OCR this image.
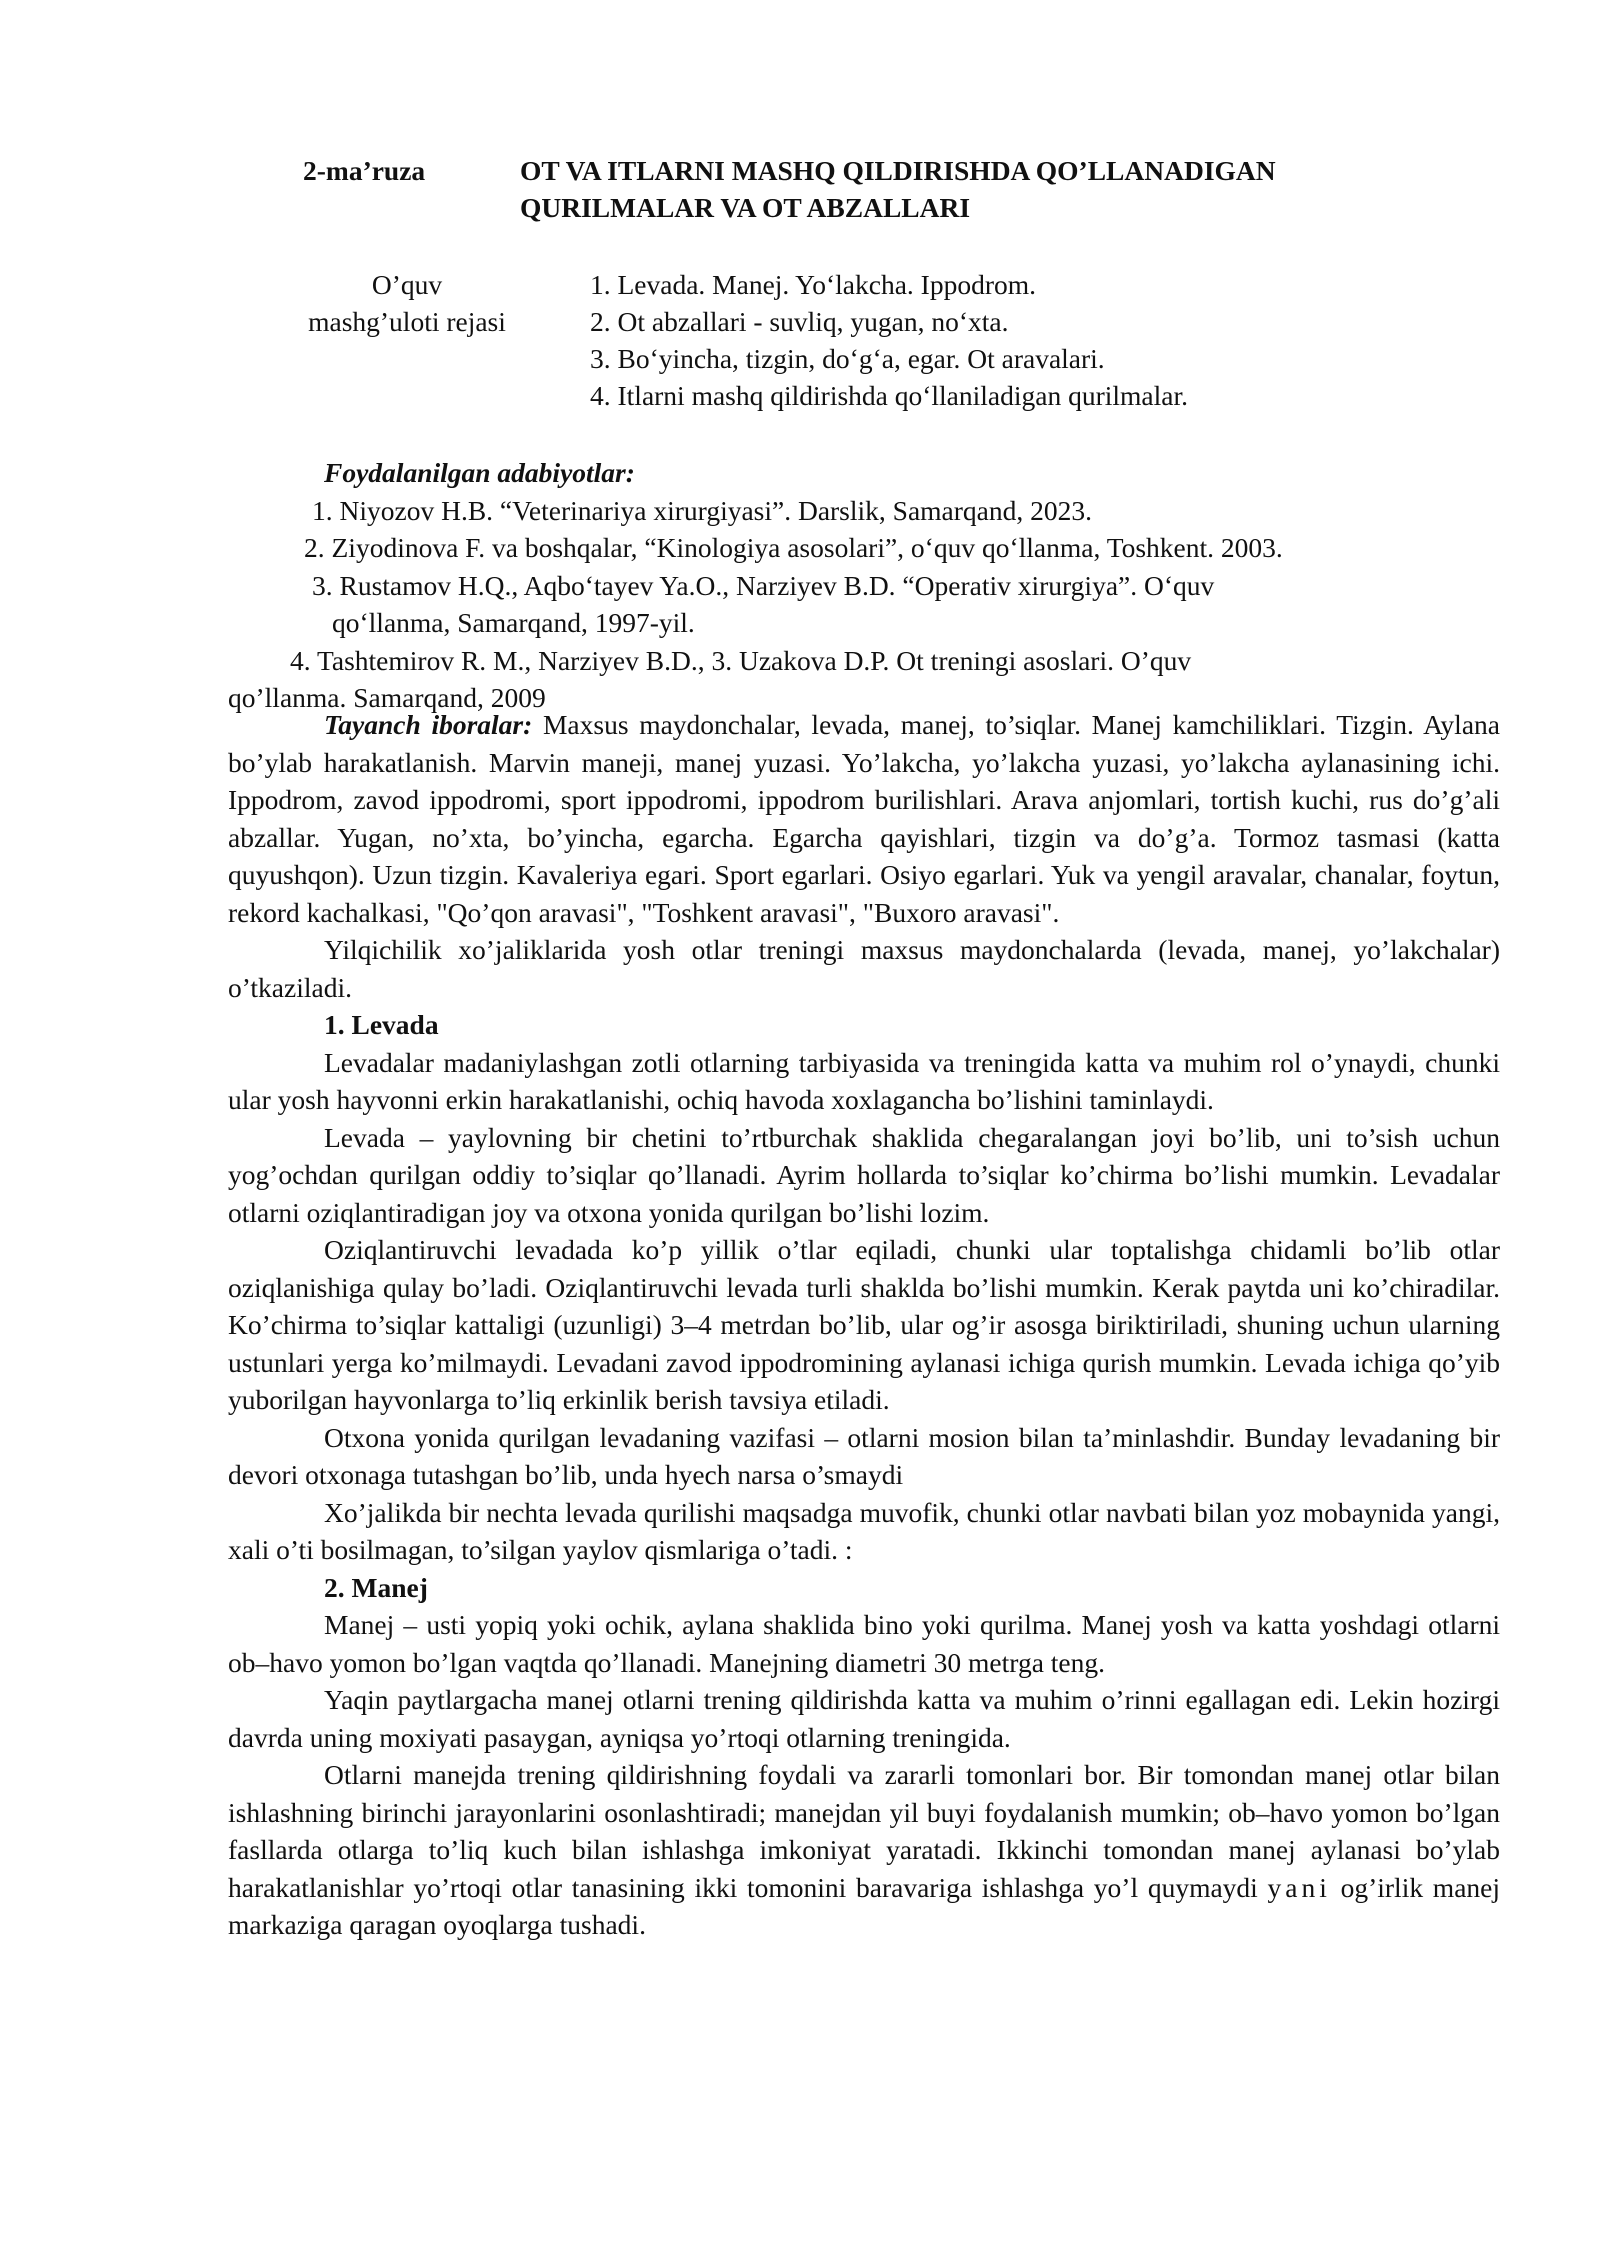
2-ma’ruza	OT VA ITLARNI MASHQ QILDIRISHDA QO’LLANADIGAN
QURILMALAR VA OT ABZALLARI
O’quv
mashg’uloti rejasi
1. Levada. Manej. Yo‘lakcha. Ippodrom.
2. Ot abzallari - suvliq, yugan, no‘xta.
3. Bo‘yincha, tizgin, do‘g‘a, egar. Ot aravalari.
4. Itlarni mashq qildirishda qo‘llaniladigan qurilmalar.
Foydalanilgan adabiyotlar:
1. Niyozov H.B. “Veterinariya xirurgiyasi”. Darslik, Samarqand, 2023.
2. Ziyodinova F. va boshqalar, “Kinologiya asosolari”, o‘quv qo‘llanma, Toshkent. 2003.
3. Rustamov H.Q., Aqbo‘tayev Ya.O., Narziyev B.D. “Operativ xirurgiya”. O‘quv
qo‘llanma, Samarqand, 1997-yil.
4. Tashtemirov R. M., Narziyev B.D., 3. Uzakova D.P. Ot treningi asoslari. O’quv
qo’llanma. Samarqand, 2009

Tayanch iboralar: Maxsus maydonchalar, levada, manej, to’siqlar. Manej kamchiliklari. Tizgin. Aylana bo’ylab harakatlanish. Marvin maneji, manej yuzasi. Yo’lakcha, yo’lakcha yuzasi, yo’lakcha aylanasining ichi. Ippodrom, zavod ippodromi, sport ippodromi, ippodrom burilishlari. Arava anjomlari, tortish kuchi, rus do’g’ali abzallar. Yugan, no’xta, bo’yincha, egarcha. Egarcha qayishlari, tizgin va do’g’a. Tormoz tasmasi (katta quyushqon). Uzun tizgin. Kavaleriya egari. Sport egarlari. Osiyo egarlari. Yuk va yengil aravalar, chanalar, foytun, rekord kachalkasi, "Qo’qon aravasi", "Toshkent aravasi", "Buxoro aravasi".

Yilqichilik xo’jaliklarida yosh otlar treningi maxsus maydonchalarda (levada, manej, yo’lakchalar) o’tkaziladi.

1. Levada

Levadalar madaniylashgan zotli otlarning tarbiyasida va treningida katta va muhim rol o’ynaydi, chunki ular yosh hayvonni erkin harakatlanishi, ochiq havoda xoxlagancha bo’lishini taminlaydi.

Levada – yaylovning bir chetini to’rtburchak shaklida chegaralangan joyi bo’lib, uni to’sish uchun yog’ochdan qurilgan oddiy to’siqlar qo’llanadi. Ayrim hollarda to’siqlar ko’chirma bo’lishi mumkin. Levadalar otlarni oziqlantiradigan joy va otxona yonida qurilgan bo’lishi lozim.

Oziqlantiruvchi levadada ko’p yillik o’tlar eqiladi, chunki ular toptalishga chidamli bo’lib otlar oziqlanishiga qulay bo’ladi. Oziqlantiruvchi levada turli shaklda bo’lishi mumkin. Kerak paytda uni ko’chiradilar. Ko’chirma to’siqlar kattaligi (uzunligi) 3–4 metrdan bo’lib, ular og’ir asosga biriktiriladi, shuning uchun ularning ustunlari yerga ko’milmaydi. Levadani zavod ippodromining aylanasi ichiga qurish mumkin. Levada ichiga qo’yib yuborilgan hayvonlarga to’liq erkinlik berish tavsiya etiladi.

Otxona yonida qurilgan levadaning vazifasi – otlarni mosion bilan ta’minlashdir. Bunday levadaning bir devori otxonaga tutashgan bo’lib, unda hyech narsa o’smaydi

Xo’jalikda bir nechta levada qurilishi maqsadga muvofik, chunki otlar navbati bilan yoz mobaynida yangi, xali o’ti bosilmagan, to’silgan yaylov qismlariga o’tadi. :

2. Manej

Manej – usti yopiq yoki ochik, aylana shaklida bino yoki qurilma. Manej yosh va katta yoshdagi otlarni ob–havo yomon bo’lgan vaqtda qo’llanadi. Manejning diametri 30 metrga teng.

Yaqin paytlargacha manej otlarni trening qildirishda katta va muhim o’rinni egallagan edi. Lekin hozirgi davrda uning moxiyati pasaygan, ayniqsa yo’rtoqi otlarning treningida.

Otlarni manejda trening qildirishning foydali va zararli tomonlari bor. Bir tomondan manej otlar bilan ishlashning birinchi jarayonlarini osonlashtiradi; manejdan yil buyi foydalanish mumkin; ob–havo yomon bo’lgan fasllarda otlarga to’liq kuch bilan ishlashga imkoniyat yaratadi. Ikkinchi tomondan manej aylanasi bo’ylab harakatlanishlar yo’rtoqi otlar tanasining ikki tomonini baravariga ishlashga yo’l quymaydi yani og’irlik manej markaziga qaragan oyoqlarga tushadi.
